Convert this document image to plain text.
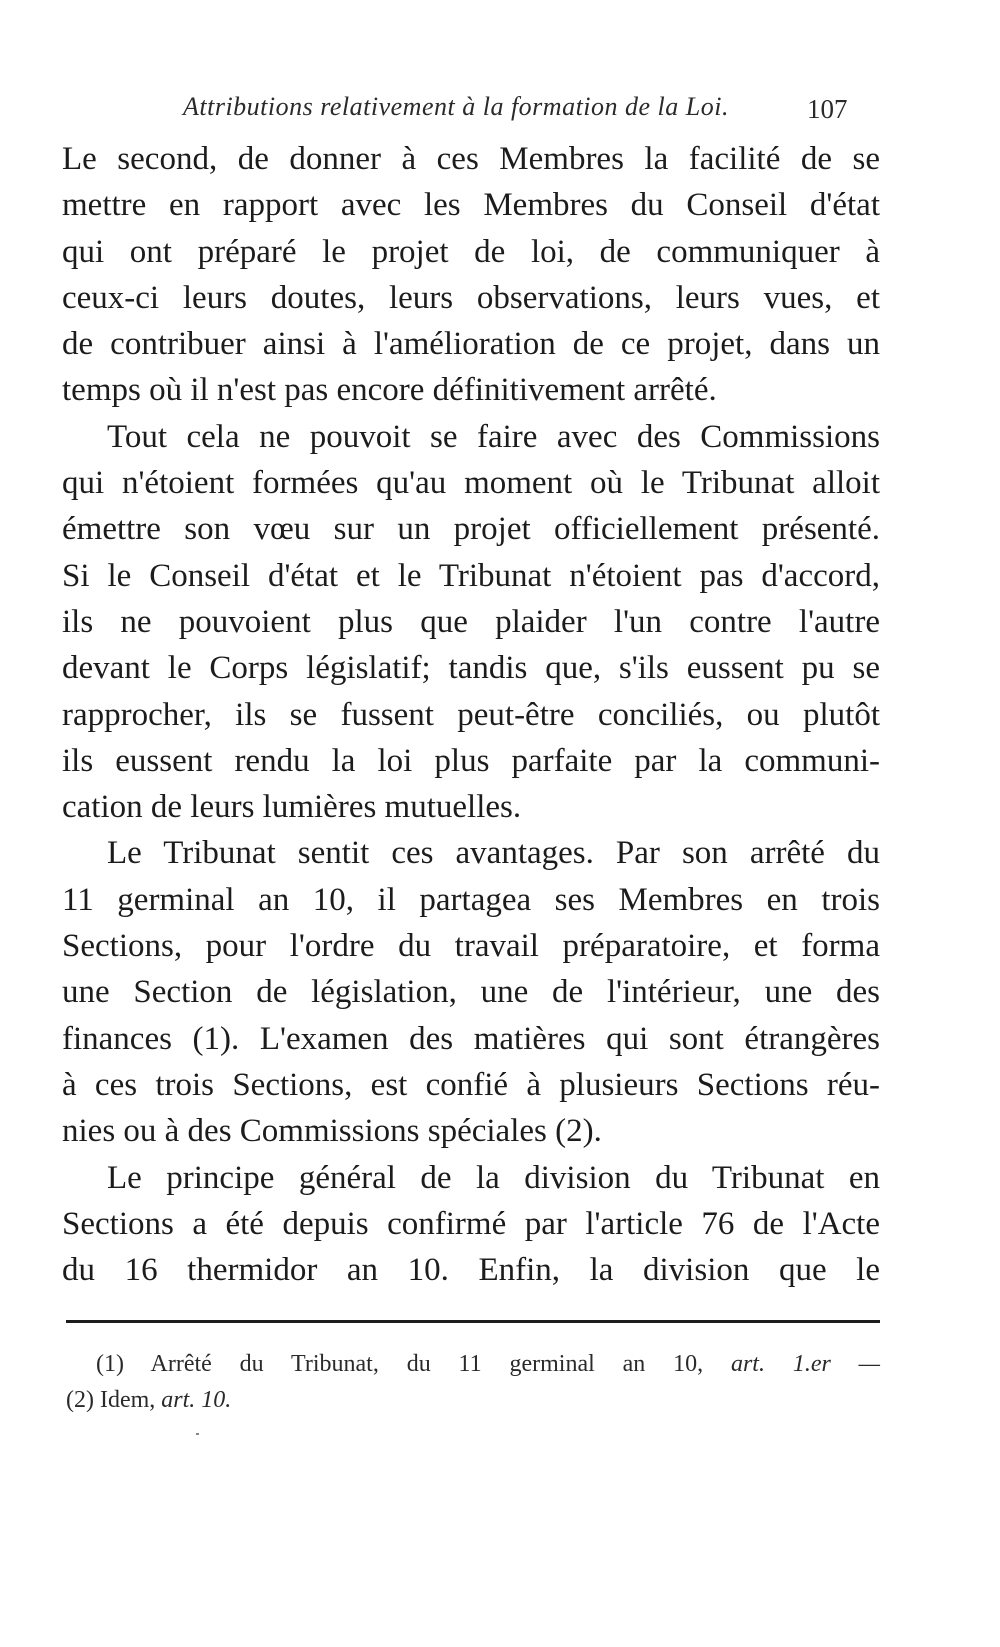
Attributions relativement à la formation de la Loi.	107
Le second, de donner à ces Membres la facilité de se
mettre en rapport avec les Membres du Conseil d'état
qui ont préparé le projet de loi, de communiquer à
ceux-ci leurs doutes, leurs observations, leurs vues, et
de contribuer ainsi à l'amélioration de ce projet, dans un
temps où il n'est pas encore définitivement arrêté.
Tout cela ne pouvoit se faire avec des Commissions
qui n'étoient formées qu'au moment où le Tribunat alloit
émettre son vœu sur un projet officiellement présenté.
Si le Conseil d'état et le Tribunat n'étoient pas d'accord,
ils ne pouvoient plus que plaider l'un contre l'autre
devant le Corps législatif; tandis que, s'ils eussent pu se
rapprocher, ils se fussent peut-être conciliés, ou plutôt
ils eussent rendu la loi plus parfaite par la communi-
cation de leurs lumières mutuelles.
Le Tribunat sentit ces avantages. Par son arrêté du
11 germinal an 10, il partagea ses Membres en trois
Sections, pour l'ordre du travail préparatoire, et forma
une Section de législation, une de l'intérieur, une des
finances (1). L'examen des matières qui sont étrangères
à ces trois Sections, est confié à plusieurs Sections réu-
nies ou à des Commissions spéciales (2).
Le principe général de la division du Tribunat en
Sections a été depuis confirmé par l'article 76 de l'Acte
du 16 thermidor an 10. Enfin, la division que le
(1) Arrêté du Tribunat, du 11 germinal an 10, art. 1.er —
(2) Idem, art. 10.
